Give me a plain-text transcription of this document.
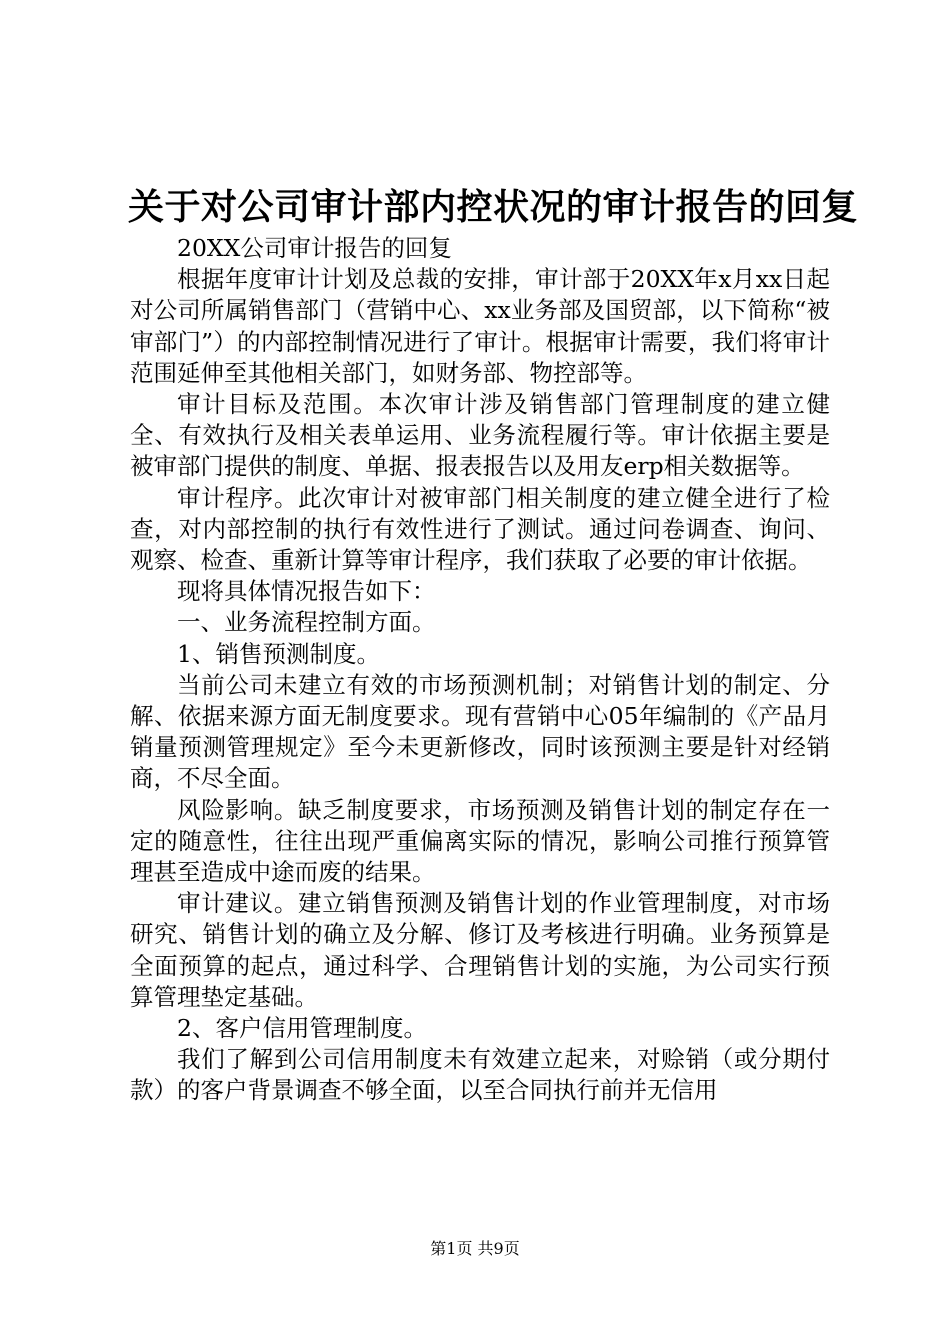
关于对公司审计部内控状况的审计报告的回复

20XX公司审计报告的回复

根据年度审计计划及总裁的安排，审计部于20XX年x月xx日起对公司所属销售部门（营销中心、xx业务部及国贸部，以下简称“被审部门”）的内部控制情况进行了审计。根据审计需要，我们将审计范围延伸至其他相关部门，如财务部、物控部等。

审计目标及范围。本次审计涉及销售部门管理制度的建立健全、有效执行及相关表单运用、业务流程履行等。审计依据主要是被审部门提供的制度、单据、报表报告以及用友erp相关数据等。

审计程序。此次审计对被审部门相关制度的建立健全进行了检查，对内部控制的执行有效性进行了测试。通过问卷调查、询问、观察、检查、重新计算等审计程序，我们获取了必要的审计依据。

现将具体情况报告如下：

一、业务流程控制方面。

1、销售预测制度。

当前公司未建立有效的市场预测机制；对销售计划的制定、分解、依据来源方面无制度要求。现有营销中心05年编制的《产品月销量预测管理规定》至今未更新修改，同时该预测主要是针对经销商，不尽全面。

风险影响。缺乏制度要求，市场预测及销售计划的制定存在一定的随意性，往往出现严重偏离实际的情况，影响公司推行预算管理甚至造成中途而废的结果。

审计建议。建立销售预测及销售计划的作业管理制度，对市场研究、销售计划的确立及分解、修订及考核进行明确。业务预算是全面预算的起点，通过科学、合理销售计划的实施，为公司实行预算管理垫定基础。

2、客户信用管理制度。

我们了解到公司信用制度未有效建立起来，对赊销（或分期付款）的客户背景调查不够全面，以至合同执行前并无信用

第1页 共9页
